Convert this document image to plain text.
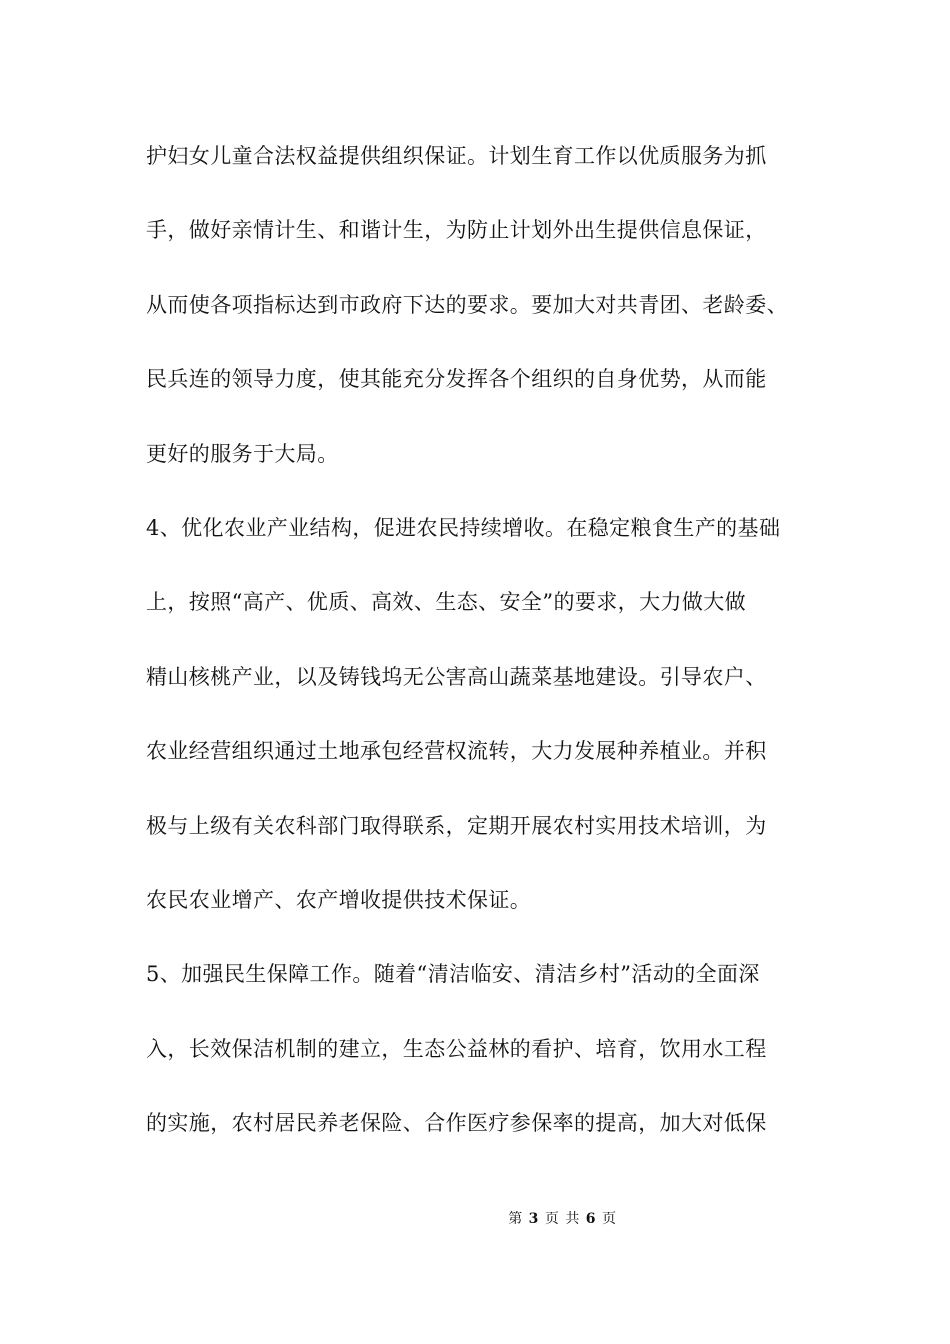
护妇女儿童合法权益提供组织保证。计划生育工作以优质服务为抓
手，做好亲情计生、和谐计生，为防止计划外出生提供信息保证，
从而使各项指标达到市政府下达的要求。要加大对共青团、老龄委、
民兵连的领导力度，使其能充分发挥各个组织的自身优势，从而能
更好的服务于大局。
4、优化农业产业结构，促进农民持续增收。在稳定粮食生产的基础
上，按照“高产、优质、高效、生态、安全”的要求，大力做大做
精山核桃产业，以及铸钱坞无公害高山蔬菜基地建设。引导农户、
农业经营组织通过土地承包经营权流转，大力发展种养植业。并积
极与上级有关农科部门取得联系，定期开展农村实用技术培训，为
农民农业增产、农产增收提供技术保证。
5、加强民生保障工作。随着“清洁临安、清洁乡村”活动的全面深
入，长效保洁机制的建立，生态公益林的看护、培育，饮用水工程
的实施，农村居民养老保险、合作医疗参保率的提高，加大对低保
第 3 页 共 6 页
